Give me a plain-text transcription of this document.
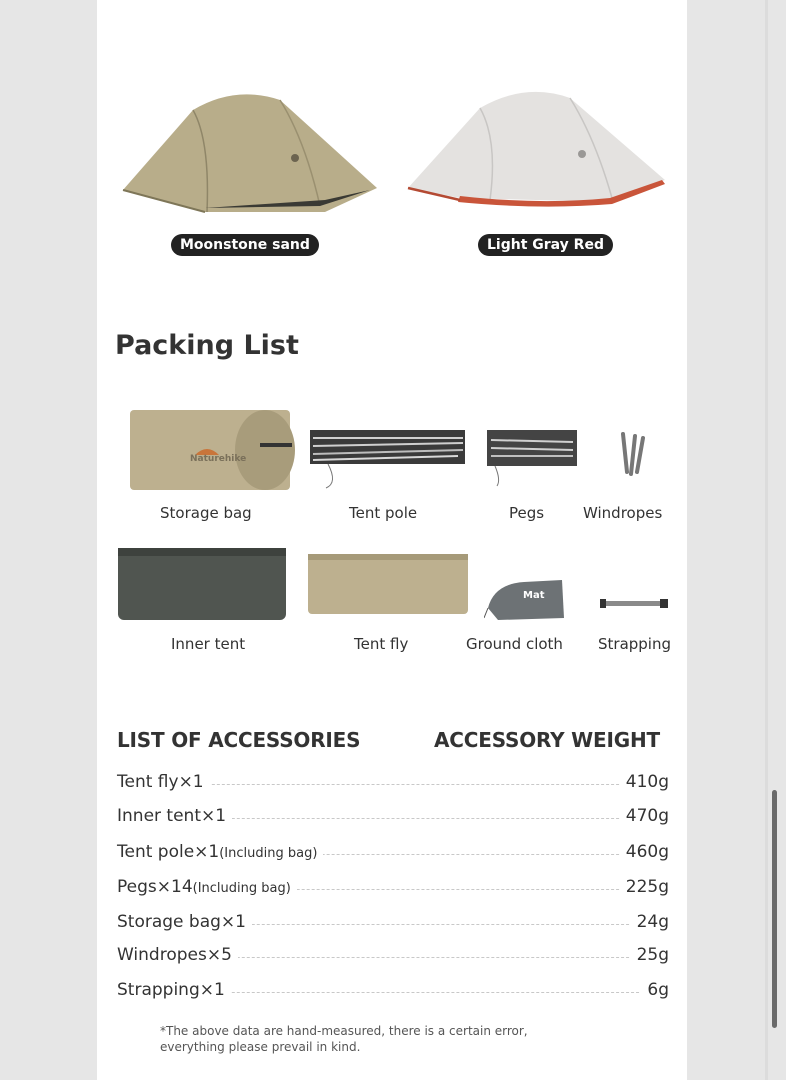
Moonstone sand	Light Gray Red
Packing List
Naturehike
Storage bag	Tent pole	Pegs	Windropes
Mat
Inner tent	Tent fly	Ground cloth Strapping
LIST OF ACCESSORIES	ACCESSORY WEIGHT
Tent fly×1	410g
Inner tent×1	470g
Tent pole×1(Including bag)	460g
Pegs×14(Including bag)	225g
Storage bag×1	24g
Windropes×5	25g
Strapping×1	6g
*The above data are hand-measured, there is a certain error, everything please prevail in kind.
